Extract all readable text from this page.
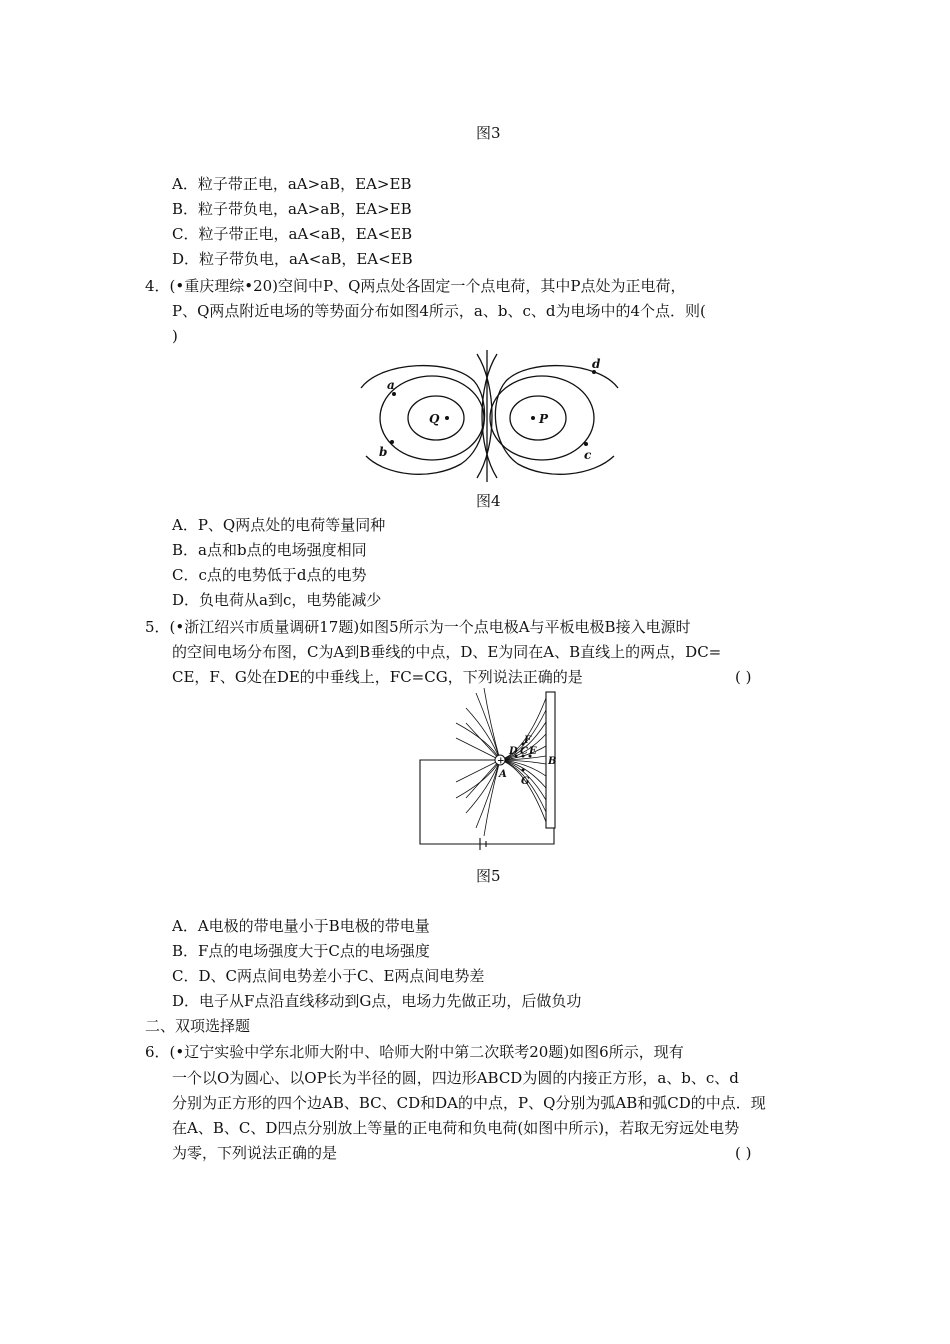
图3
A．粒子带正电，aA>aB，EA>EB
B．粒子带负电，aA>aB，EA>EB
C．粒子带正电，aA<aB，EA<EB
D．粒子带负电，aA<aB，EA<EB
4．(•重庆理综•20)空间中P、Q两点处各固定一个点电荷，其中P点处为正电荷，
P、Q两点附近电场的等势面分布如图4所示，a、b、c、d为电场中的4个点．则(
)
a
b	c
d
Q	P
图4
A．P、Q两点处的电荷等量同种
B．a点和b点的电场强度相同
C．c点的电势低于d点的电势
D．负电荷从a到c，电势能减少
5．(•浙江绍兴市质量调研17题)如图5所示为一个点电极A与平板电极B接入电源时
的空间电场分布图，C为A到B垂线的中点，D、E为同在A、B直线上的两点，DC=
CE，F、G处在DE的中垂线上，FC=CG，下列说法正确的是	( )
+
A
B
D C E
F
G
图5
A．A电极的带电量小于B电极的带电量
B．F点的电场强度大于C点的电场强度
C．D、C两点间电势差小于C、E两点间电势差
D．电子从F点沿直线移动到G点，电场力先做正功，后做负功
二、双项选择题
6．(•辽宁实验中学东北师大附中、哈师大附中第二次联考20题)如图6所示，现有
一个以O为圆心、以OP长为半径的圆，四边形ABCD为圆的内接正方形，a、b、c、d
分别为正方形的四个边AB、BC、CD和DA的中点，P、Q分别为弧AB和弧CD的中点．现
在A、B、C、D四点分别放上等量的正电荷和负电荷(如图中所示)，若取无穷远处电势
为零，下列说法正确的是	( )
